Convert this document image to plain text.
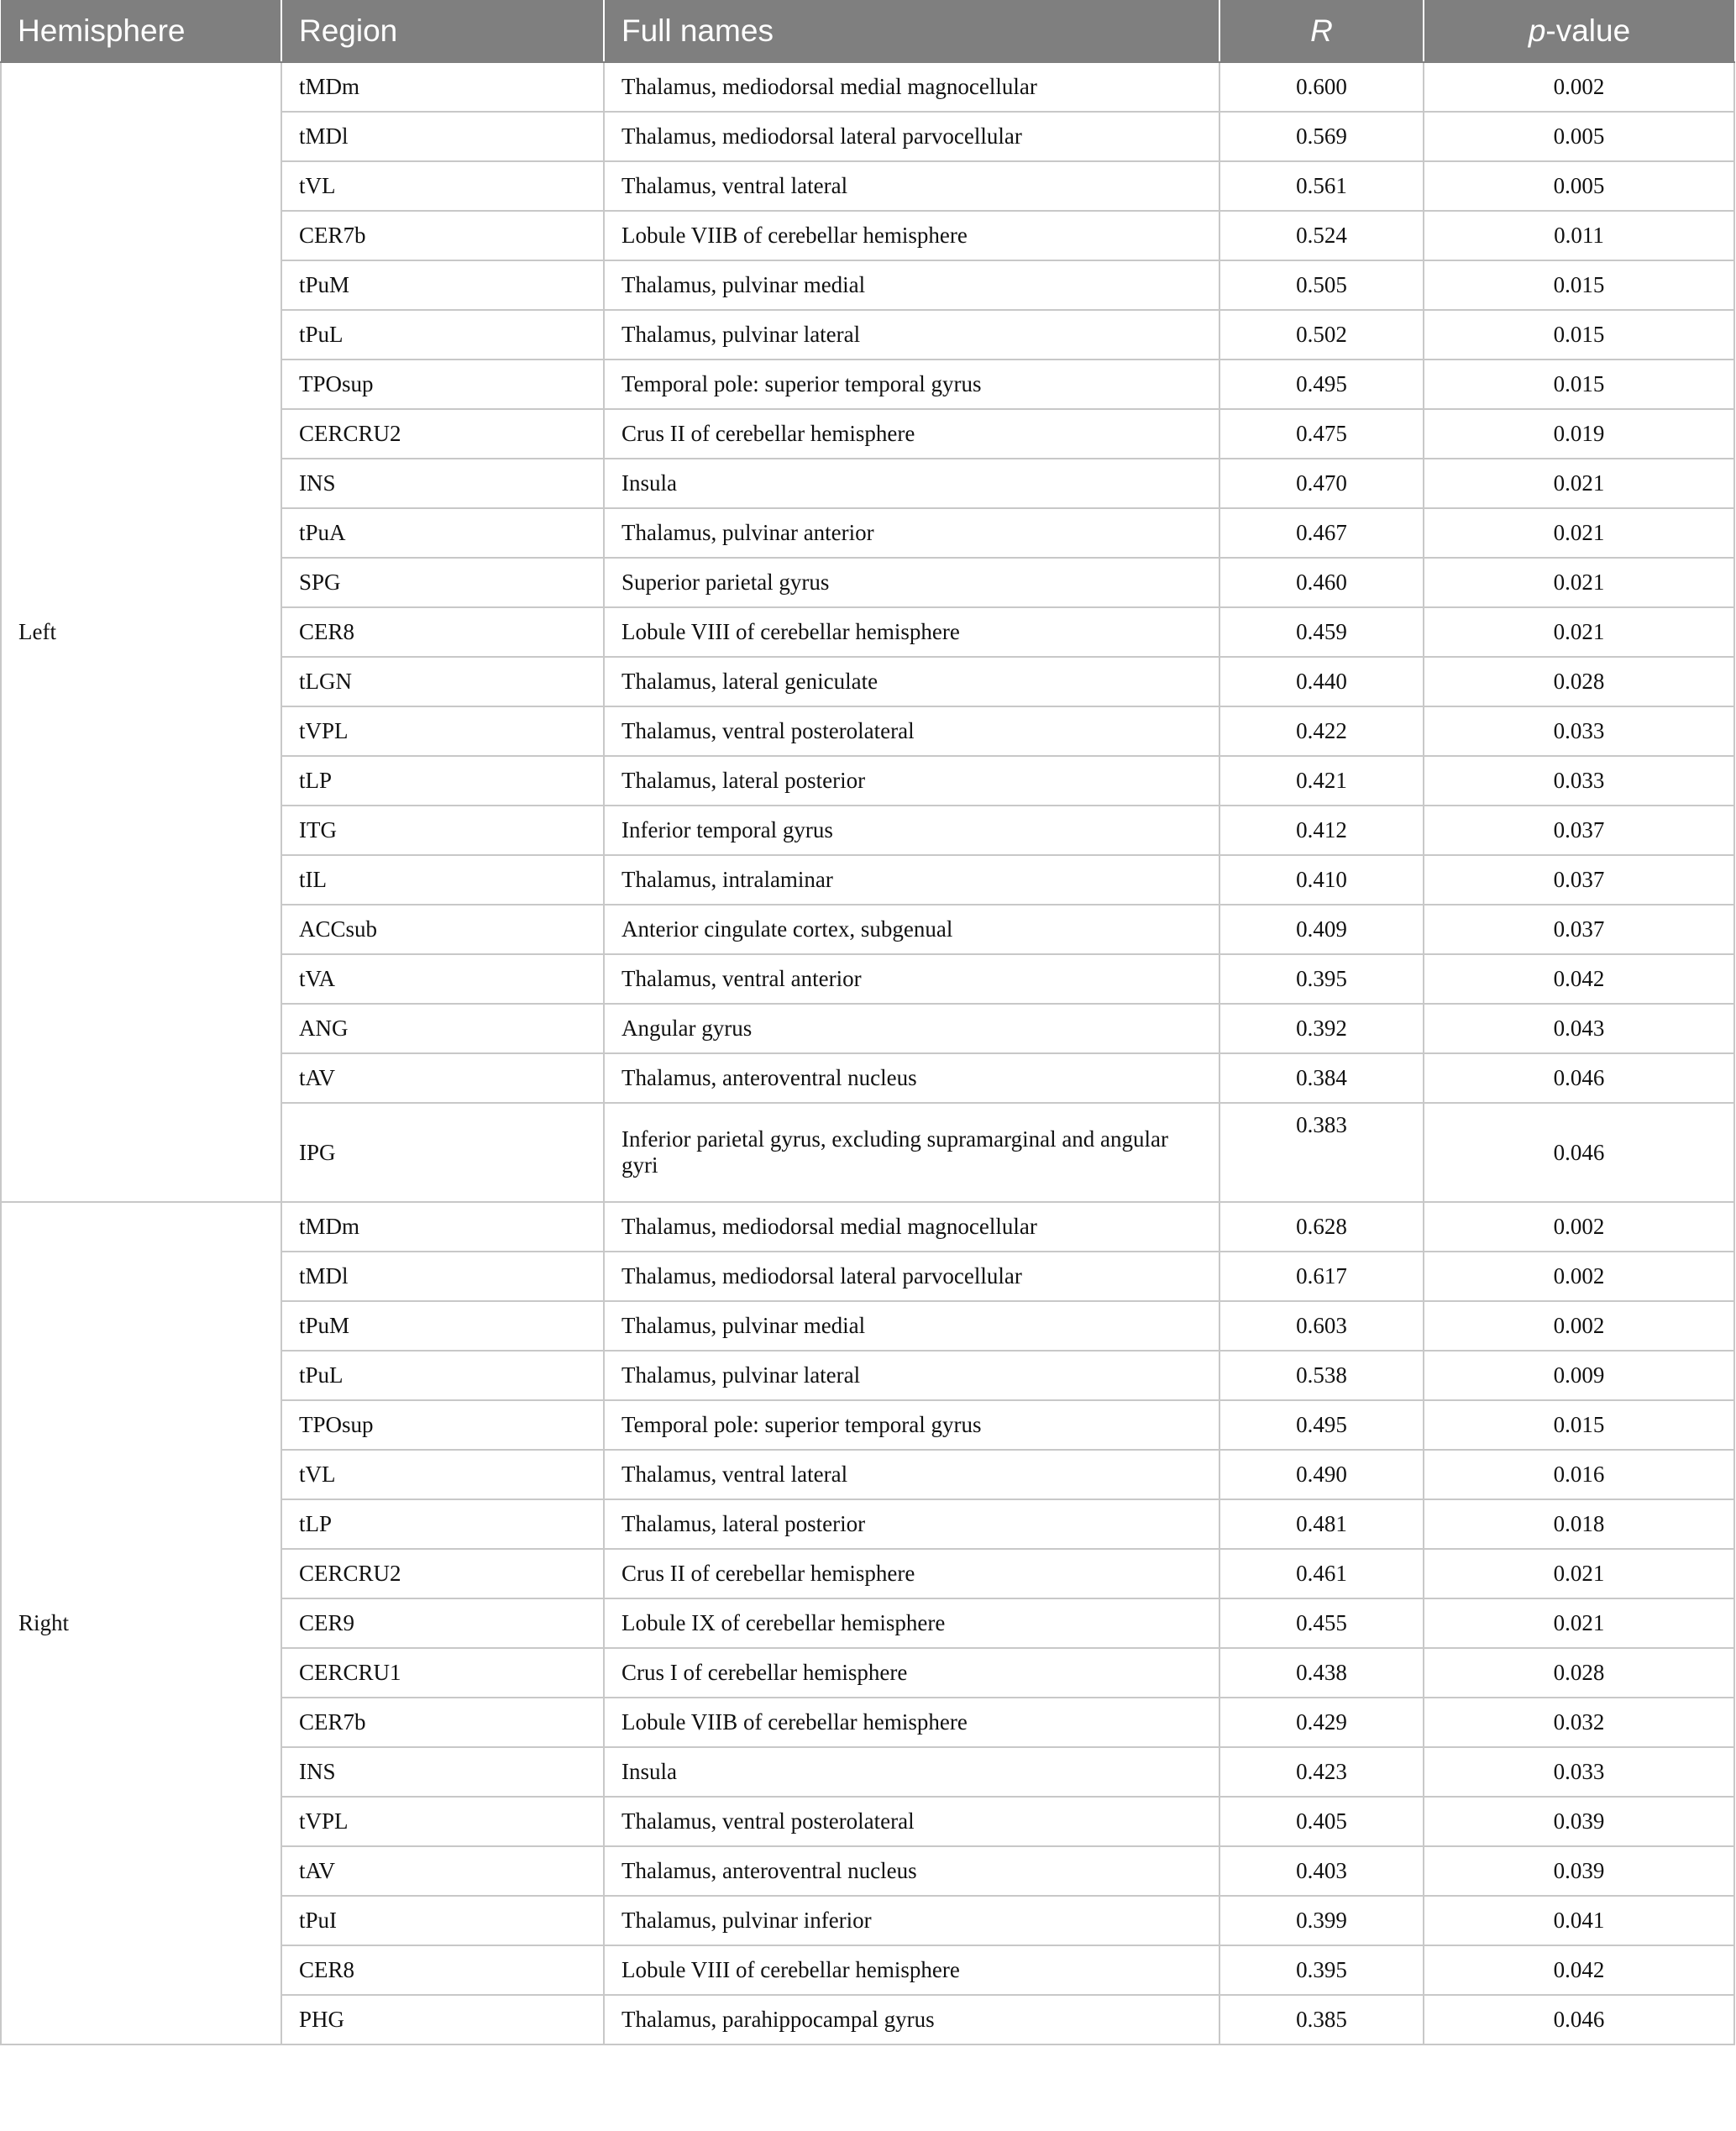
Hemisphere	Region	Full names	R	p-value
Left	tMDm	Thalamus, mediodorsal medial magnocellular	0.600	0.002
	tMDl	Thalamus, mediodorsal lateral parvocellular	0.569	0.005
	tVL	Thalamus, ventral lateral	0.561	0.005
	CER7b	Lobule VIIB of cerebellar hemisphere	0.524	0.011
	tPuM	Thalamus, pulvinar medial	0.505	0.015
	tPuL	Thalamus, pulvinar lateral	0.502	0.015
	TPOsup	Temporal pole: superior temporal gyrus	0.495	0.015
	CERCRU2	Crus II of cerebellar hemisphere	0.475	0.019
	INS	Insula	0.470	0.021
	tPuA	Thalamus, pulvinar anterior	0.467	0.021
	SPG	Superior parietal gyrus	0.460	0.021
	CER8	Lobule VIII of cerebellar hemisphere	0.459	0.021
	tLGN	Thalamus, lateral geniculate	0.440	0.028
	tVPL	Thalamus, ventral posterolateral	0.422	0.033
	tLP	Thalamus, lateral posterior	0.421	0.033
	ITG	Inferior temporal gyrus	0.412	0.037
	tIL	Thalamus, intralaminar	0.410	0.037
	ACCsub	Anterior cingulate cortex, subgenual	0.409	0.037
	tVA	Thalamus, ventral anterior	0.395	0.042
	ANG	Angular gyrus	0.392	0.043
	tAV	Thalamus, anteroventral nucleus	0.384	0.046
	IPG	Inferior parietal gyrus, excluding supramarginal and angular gyri	0.383	0.046
Right	tMDm	Thalamus, mediodorsal medial magnocellular	0.628	0.002
	tMDl	Thalamus, mediodorsal lateral parvocellular	0.617	0.002
	tPuM	Thalamus, pulvinar medial	0.603	0.002
	tPuL	Thalamus, pulvinar lateral	0.538	0.009
	TPOsup	Temporal pole: superior temporal gyrus	0.495	0.015
	tVL	Thalamus, ventral lateral	0.490	0.016
	tLP	Thalamus, lateral posterior	0.481	0.018
	CERCRU2	Crus II of cerebellar hemisphere	0.461	0.021
	CER9	Lobule IX of cerebellar hemisphere	0.455	0.021
	CERCRU1	Crus I of cerebellar hemisphere	0.438	0.028
	CER7b	Lobule VIIB of cerebellar hemisphere	0.429	0.032
	INS	Insula	0.423	0.033
	tVPL	Thalamus, ventral posterolateral	0.405	0.039
	tAV	Thalamus, anteroventral nucleus	0.403	0.039
	tPuI	Thalamus, pulvinar inferior	0.399	0.041
	CER8	Lobule VIII of cerebellar hemisphere	0.395	0.042
	PHG	Thalamus, parahippocampal gyrus	0.385	0.046
